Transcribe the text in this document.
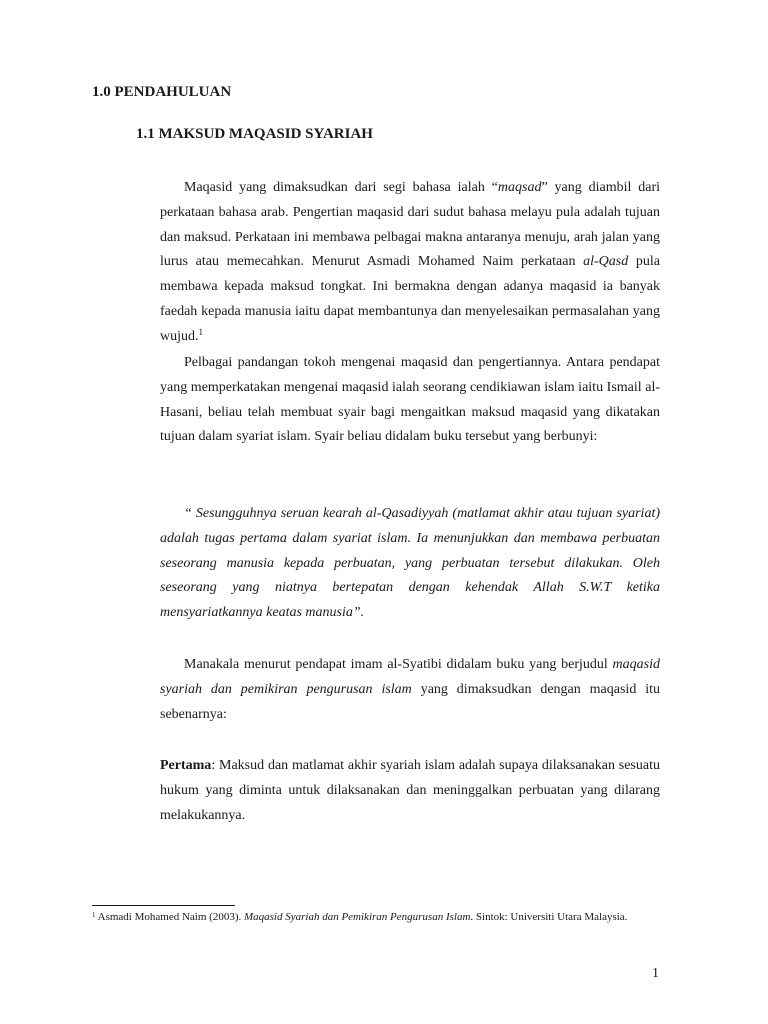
1.0 PENDAHULUAN
1.1 MAKSUD MAQASID SYARIAH

Maqasid yang dimaksudkan dari segi bahasa ialah “maqsad” yang diambil dari perkataan bahasa arab. Pengertian maqasid dari sudut bahasa melayu pula adalah tujuan dan maksud. Perkataan ini membawa pelbagai makna antaranya menuju, arah jalan yang lurus atau memecahkan. Menurut Asmadi Mohamed Naim perkataan al-Qasd pula membawa kepada maksud tongkat. Ini bermakna dengan adanya maqasid ia banyak faedah kepada manusia iaitu dapat membantunya dan menyelesaikan permasalahan yang wujud.$^1$

Pelbagai pandangan tokoh mengenai maqasid dan pengertiannya. Antara pendapat yang memperkatakan mengenai maqasid ialah seorang cendikiawan islam iaitu Ismail al-Hasani, beliau telah membuat syair bagi mengaitkan maksud maqasid yang dikatakan tujuan dalam syariat islam. Syair beliau didalam buku tersebut yang berbunyi:

“ Sesungguhnya seruan kearah al-Qasadiyyah (matlamat akhir atau tujuan syariat) adalah tugas pertama dalam syariat islam. Ia menunjukkan dan membawa perbuatan seseorang manusia kepada perbuatan, yang perbuatan tersebut dilakukan. Oleh seseorang yang niatnya bertepatan dengan kehendak Allah S.W.T ketika mensyariatkannya keatas manusia”.

Manakala menurut pendapat imam al-Syatibi didalam buku yang berjudul maqasid syariah dan pemikiran pengurusan islam yang dimaksudkan dengan maqasid itu sebenarnya:

Pertama: Maksud dan matlamat akhir syariah islam adalah supaya dilaksanakan sesuatu hukum yang diminta untuk dilaksanakan dan meninggalkan perbuatan yang dilarang melakukannya.

$^1$ Asmadi Mohamed Naim (2003). Maqasid Syariah dan Pemikiran Pengurusan Islam. Sintok: Universiti Utara Malaysia.

1
